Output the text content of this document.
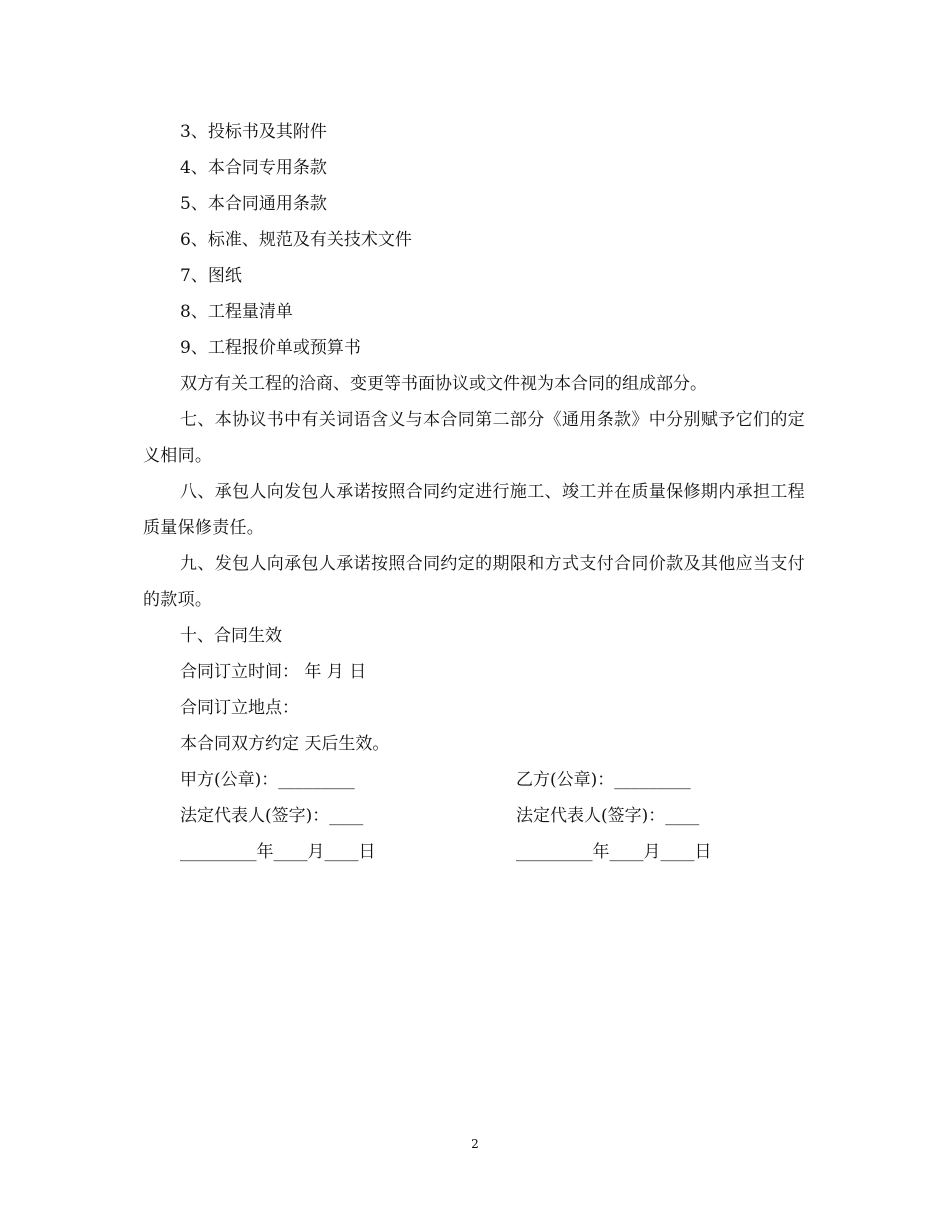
3、投标书及其附件

4、本合同专用条款

5、本合同通用条款

6、标准、规范及有关技术文件

7、图纸

8、工程量清单

9、工程报价单或预算书

双方有关工程的洽商、变更等书面协议或文件视为本合同的组成部分。

七、本协议书中有关词语含义与本合同第二部分《通用条款》中分别赋予它们的定义相同。

八、承包人向发包人承诺按照合同约定进行施工、竣工并在质量保修期内承担工程质量保修责任。

九、发包人向承包人承诺按照合同约定的期限和方式支付合同价款及其他应当支付的款项。

十、合同生效

合同订立时间： 年 月 日

合同订立地点：

本合同双方约定 天后生效。

甲方(公章)：_________	乙方(公章)：_________
法定代表人(签字)：____	法定代表人(签字)：____
_________年____月____日	_________年____月____日
2
